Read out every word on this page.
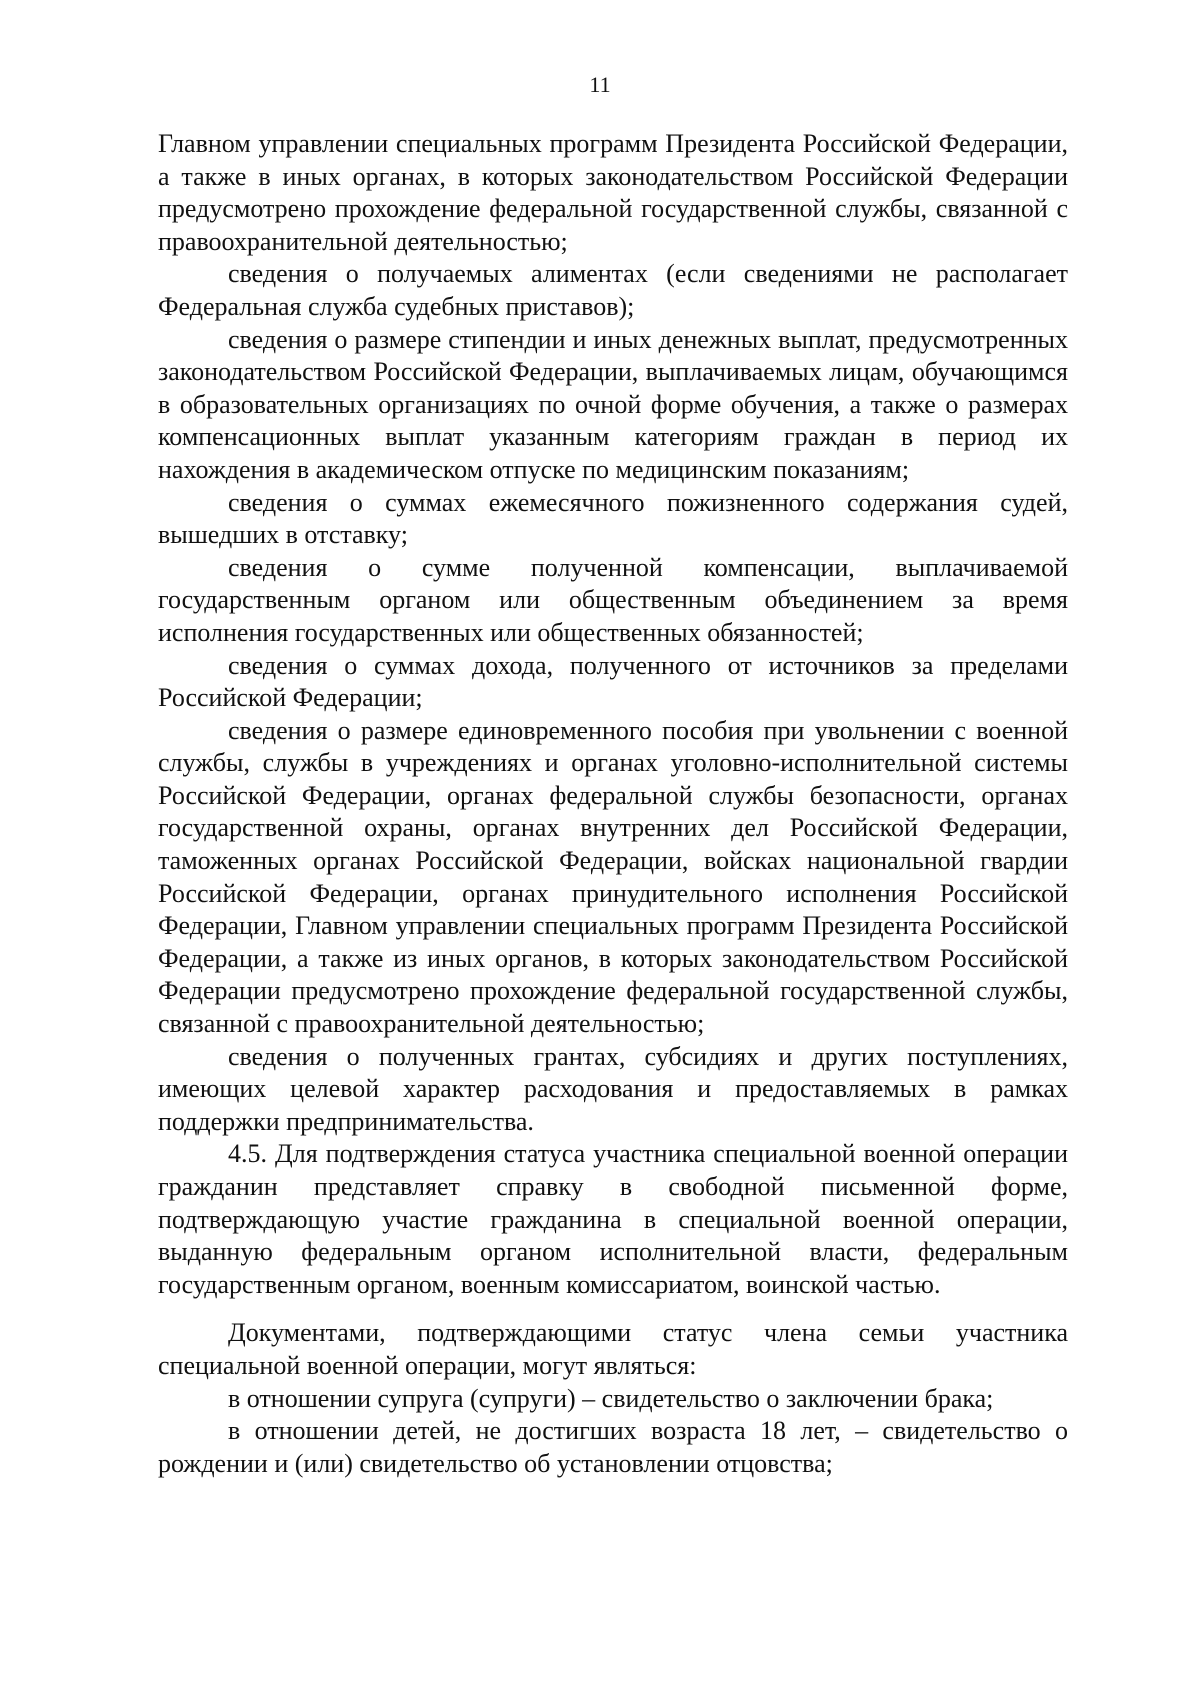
11

Главном управлении специальных программ Президента Российской Федерации, а также в иных органах, в которых законодательством Российской Федерации предусмотрено прохождение федеральной государственной службы, связанной с правоохранительной деятельностью;

сведения о получаемых алиментах (если сведениями не располагает Федеральная служба судебных приставов);

сведения о размере стипендии и иных денежных выплат, предусмотренных законодательством Российской Федерации, выплачиваемых лицам, обучающимся в образовательных организациях по очной форме обучения, а также о размерах компенсационных выплат указанным категориям граждан в период их нахождения в академическом отпуске по медицинским показаниям;

сведения о суммах ежемесячного пожизненного содержания судей, вышедших в отставку;

сведения о сумме полученной компенсации, выплачиваемой государственным органом или общественным объединением за время исполнения государственных или общественных обязанностей;

сведения о суммах дохода, полученного от источников за пределами Российской Федерации;

сведения о размере единовременного пособия при увольнении с военной службы, службы в учреждениях и органах уголовно-исполнительной системы Российской Федерации, органах федеральной службы безопасности, органах государственной охраны, органах внутренних дел Российской Федерации, таможенных органах Российской Федерации, войсках национальной гвардии Российской Федерации, органах принудительного исполнения Российской Федерации, Главном управлении специальных программ Президента Российской Федерации, а также из иных органов, в которых законодательством Российской Федерации предусмотрено прохождение федеральной государственной службы, связанной с правоохранительной деятельностью;

сведения о полученных грантах, субсидиях и других поступлениях, имеющих целевой характер расходования и предоставляемых в рамках поддержки предпринимательства.

4.5. Для подтверждения статуса участника специальной военной операции гражданин представляет справку в свободной письменной форме, подтверждающую участие гражданина в специальной военной операции, выданную федеральным органом исполнительной власти, федеральным государственным органом, военным комиссариатом, воинской частью.

Документами, подтверждающими статус члена семьи участника специальной военной операции, могут являться:

в отношении супруга (супруги) – свидетельство о заключении брака;

в отношении детей, не достигших возраста 18 лет, – свидетельство о рождении и (или) свидетельство об установлении отцовства;
